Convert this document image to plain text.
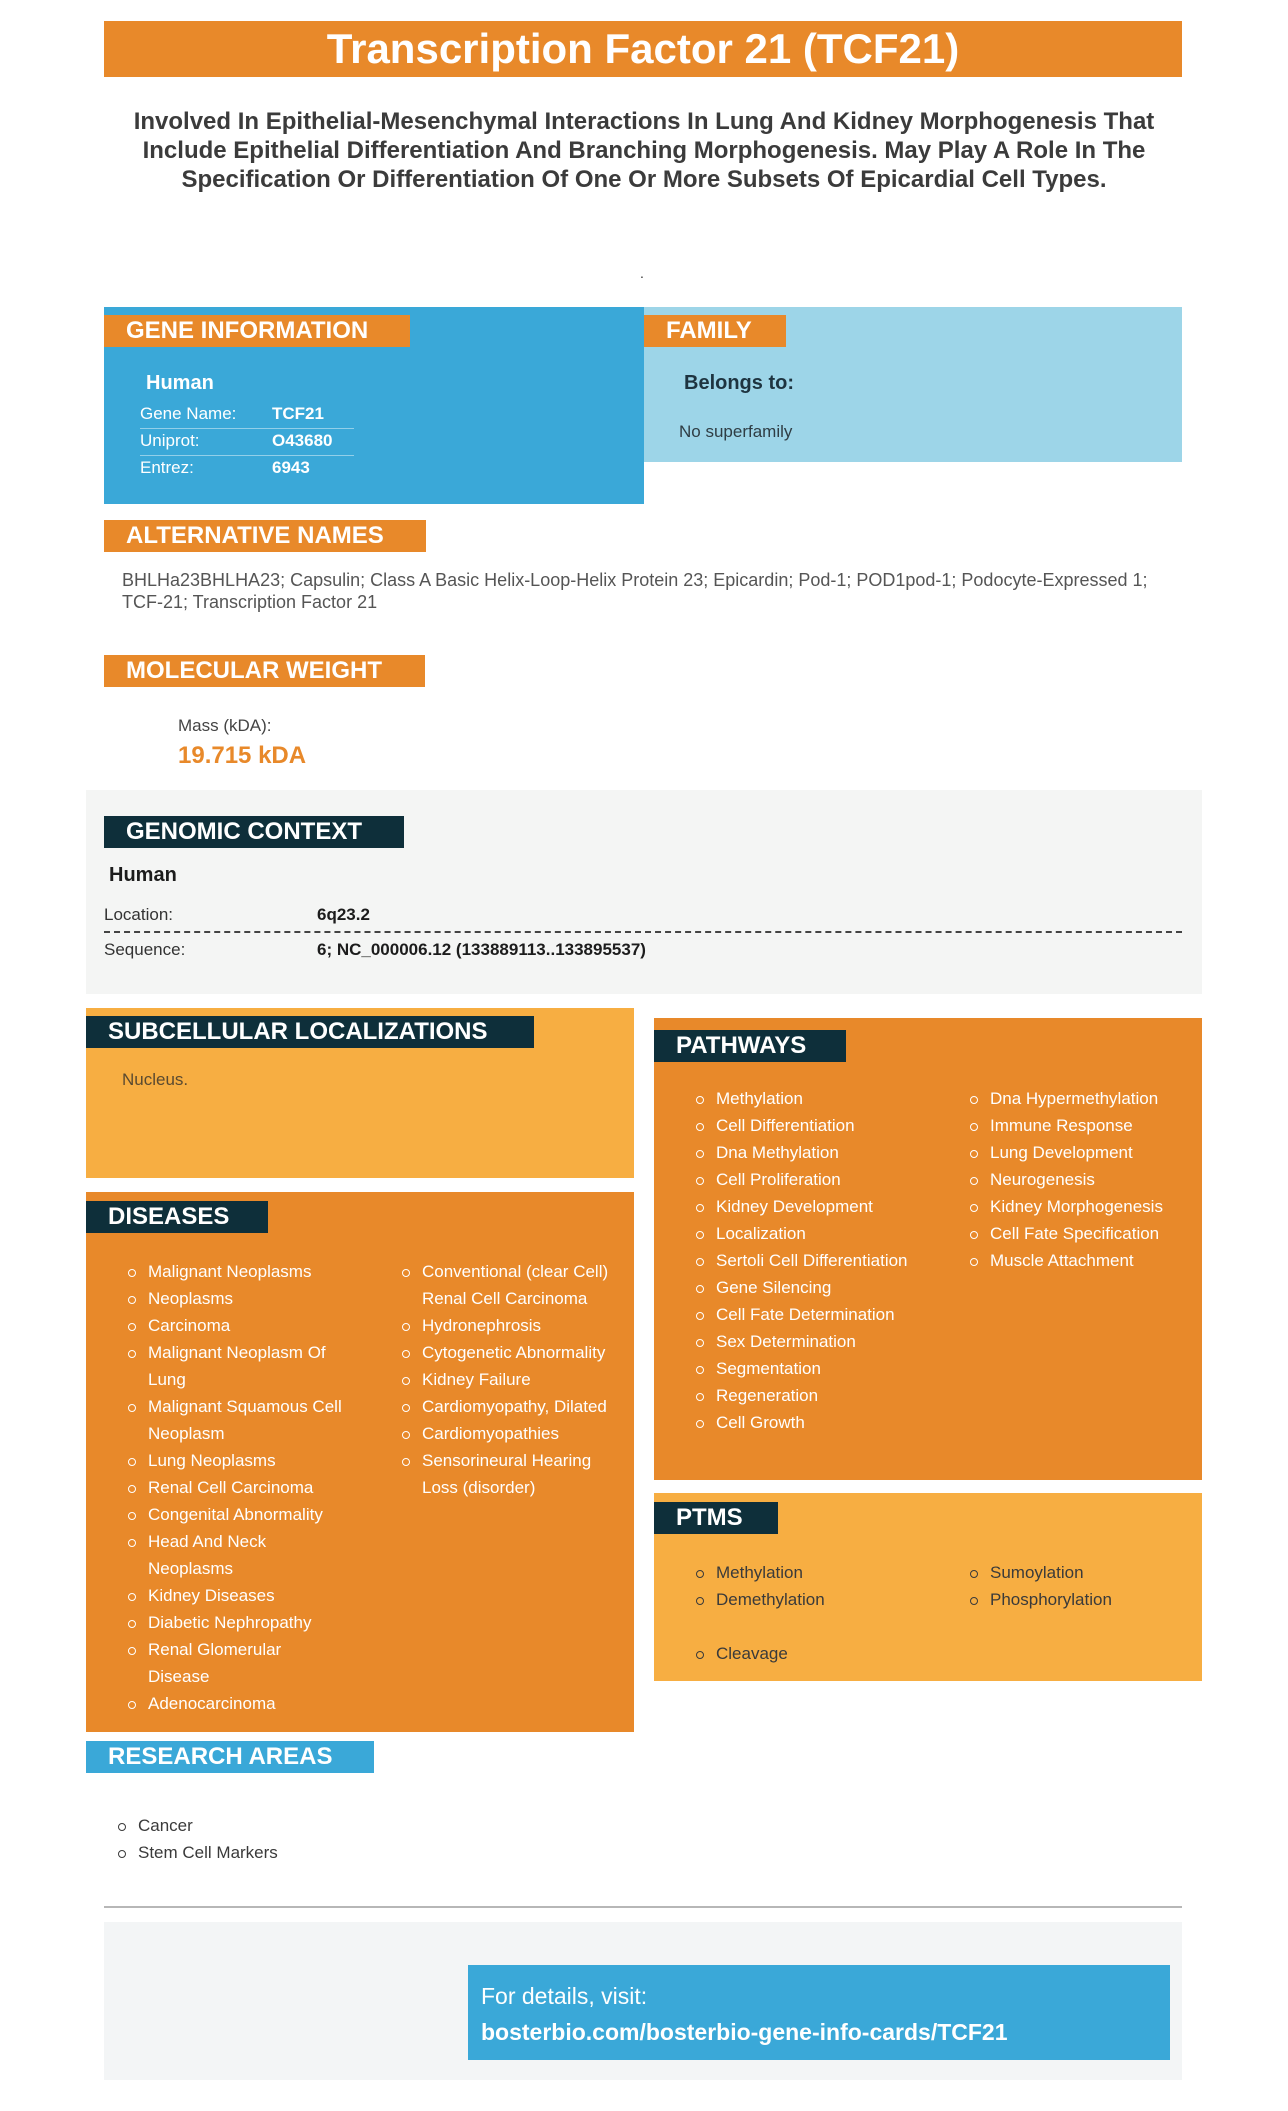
Transcription Factor 21 (TCF21)
Involved In Epithelial-Mesenchymal Interactions In Lung And Kidney Morphogenesis That Include Epithelial Differentiation And Branching Morphogenesis. May Play A Role In The Specification Or Differentiation Of One Or More Subsets Of Epicardial Cell Types.
.
GENE INFORMATION
Human
Gene Name: TCF21
Uniprot:	O43680
Entrez:	6943
FAMILY
Belongs to:
No superfamily
ALTERNATIVE NAMES
BHLHa23BHLHA23; Capsulin; Class A Basic Helix-Loop-Helix Protein 23; Epicardin; Pod-1; POD1pod-1; Podocyte-Expressed 1; TCF-21; Transcription Factor 21
MOLECULAR WEIGHT
Mass (kDA):
19.715 kDA
GENOMIC CONTEXT
Human
Location:	6q23.2
Sequence:	6; NC_000006.12 (133889113..133895537)
SUBCELLULAR LOCALIZATIONS
Nucleus.
DISEASES
Malignant Neoplasms
Neoplasms
Carcinoma
Malignant Neoplasm Of Lung
Malignant Squamous Cell Neoplasm
Lung Neoplasms
Renal Cell Carcinoma
Congenital Abnormality
Head And Neck Neoplasms
Kidney Diseases
Diabetic Nephropathy
Renal Glomerular Disease
Adenocarcinoma
Conventional (clear Cell) Renal Cell Carcinoma
Hydronephrosis
Cytogenetic Abnormality
Kidney Failure
Cardiomyopathy, Dilated
Cardiomyopathies
Sensorineural Hearing Loss (disorder)
PATHWAYS
Methylation
Cell Differentiation
Dna Methylation
Cell Proliferation
Kidney Development
Localization
Sertoli Cell Differentiation
Gene Silencing
Cell Fate Determination
Sex Determination
Segmentation
Regeneration
Cell Growth
Dna Hypermethylation
Immune Response
Lung Development
Neurogenesis
Kidney Morphogenesis
Cell Fate Specification
Muscle Attachment
PTMS
Methylation
Demethylation
Sumoylation
Phosphorylation
Cleavage
RESEARCH AREAS
Cancer
Stem Cell Markers
For details, visit:
bosterbio.com/bosterbio-gene-info-cards/TCF21
